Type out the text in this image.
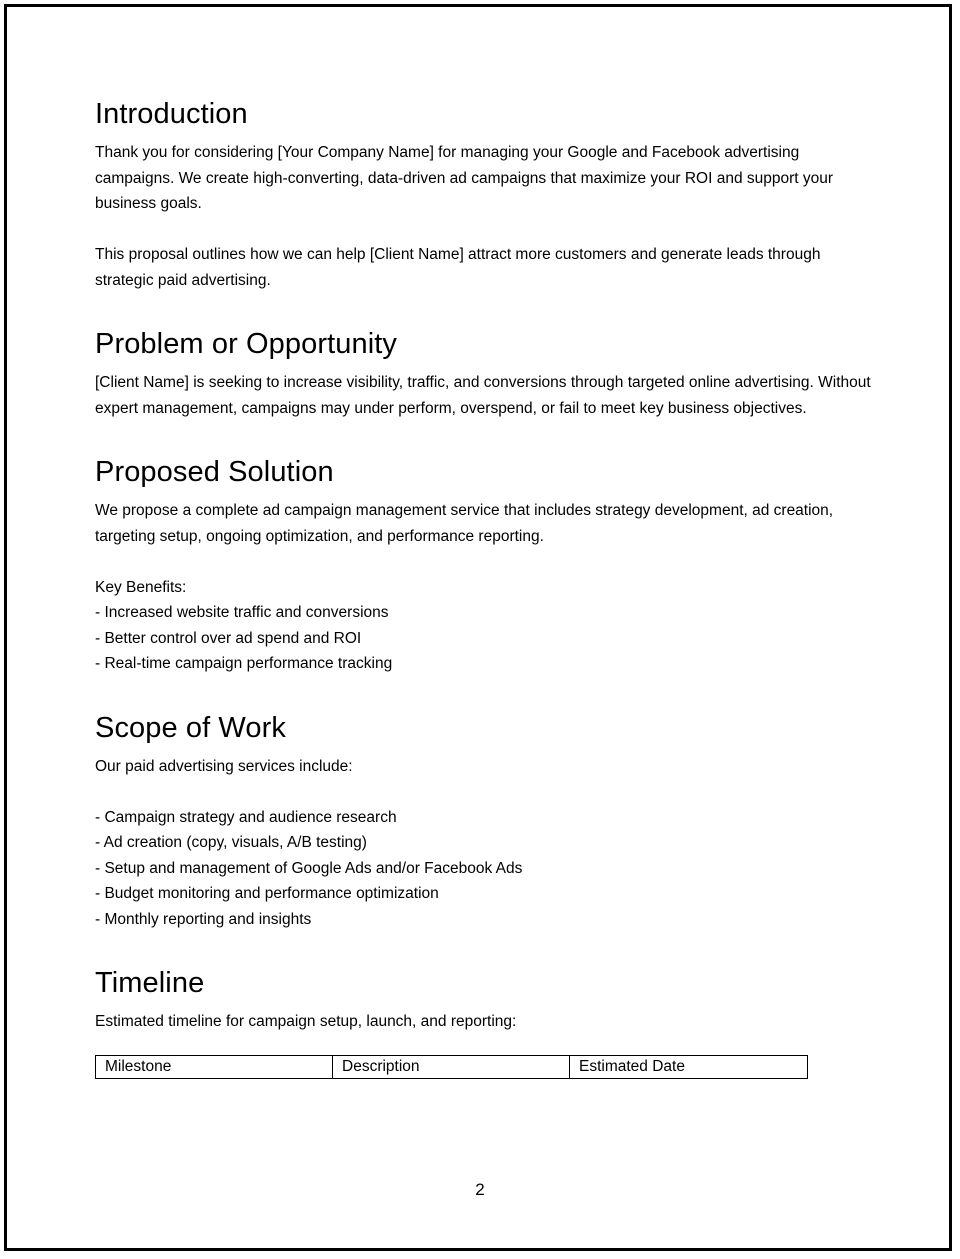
Introduction

Thank you for considering [Your Company Name] for managing your Google and Facebook advertising campaigns. We create high-converting, data-driven ad campaigns that maximize your ROI and support your business goals.

This proposal outlines how we can help [Client Name] attract more customers and generate leads through strategic paid advertising.

Problem or Opportunity

[Client Name] is seeking to increase visibility, traffic, and conversions through targeted online advertising. Without expert management, campaigns may under perform, overspend, or fail to meet key business objectives.

Proposed Solution

We propose a complete ad campaign management service that includes strategy development, ad creation, targeting setup, ongoing optimization, and performance reporting.

Key Benefits:

- Increased website traffic and conversions

- Better control over ad spend and ROI

- Real-time campaign performance tracking

Scope of Work

Our paid advertising services include:

- Campaign strategy and audience research

- Ad creation (copy, visuals, A/B testing)

- Setup and management of Google Ads and/or Facebook Ads

- Budget monitoring and performance optimization

- Monthly reporting and insights

Timeline

Estimated timeline for campaign setup, launch, and reporting:

Milestone	Description	Estimated Date
2
